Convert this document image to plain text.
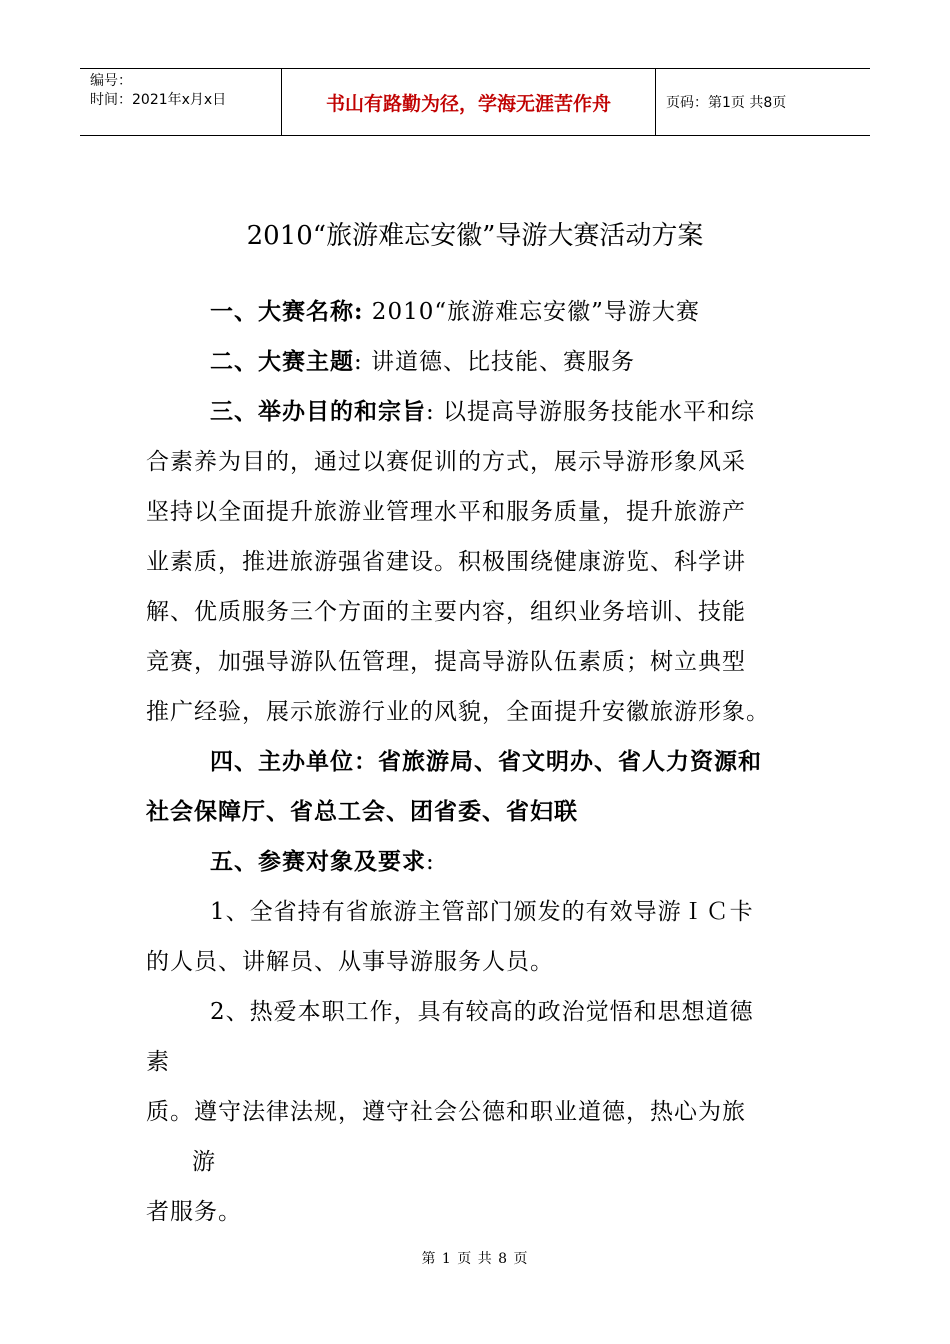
编号：
时间：2021年x月x日	书山有路勤为径，学海无涯苦作舟	页码：第1页 共8页
2010“旅游难忘安徽”导游大赛活动方案

一、大赛名称: 2010“旅游难忘安徽”导游大赛

二、大赛主题: 讲道德、比技能、赛服务

三、举办目的和宗旨: 以提高导游服务技能水平和综

合素养为目的，通过以赛促训的方式，展示导游形象风采

坚持以全面提升旅游业管理水平和服务质量，提升旅游产

业素质，推进旅游强省建设。积极围绕健康游览、科学讲

解、优质服务三个方面的主要内容，组织业务培训、技能

竞赛，加强导游队伍管理，提高导游队伍素质；树立典型

推广经验，展示旅游行业的风貌，全面提升安徽旅游形象。

四、主办单位：省旅游局、省文明办、省人力资源和

社会保障厅、省总工会、团省委、省妇联

五、参赛对象及要求:

1、全省持有省旅游主管部门颁发的有效导游ＩＣ卡

的人员、讲解员、从事导游服务人员。

2、热爱本职工作，具有较高的政治觉悟和思想道德

素

质。遵守法律法规，遵守社会公德和职业道德，热心为旅

游

者服务。

第 1 页 共 8 页
